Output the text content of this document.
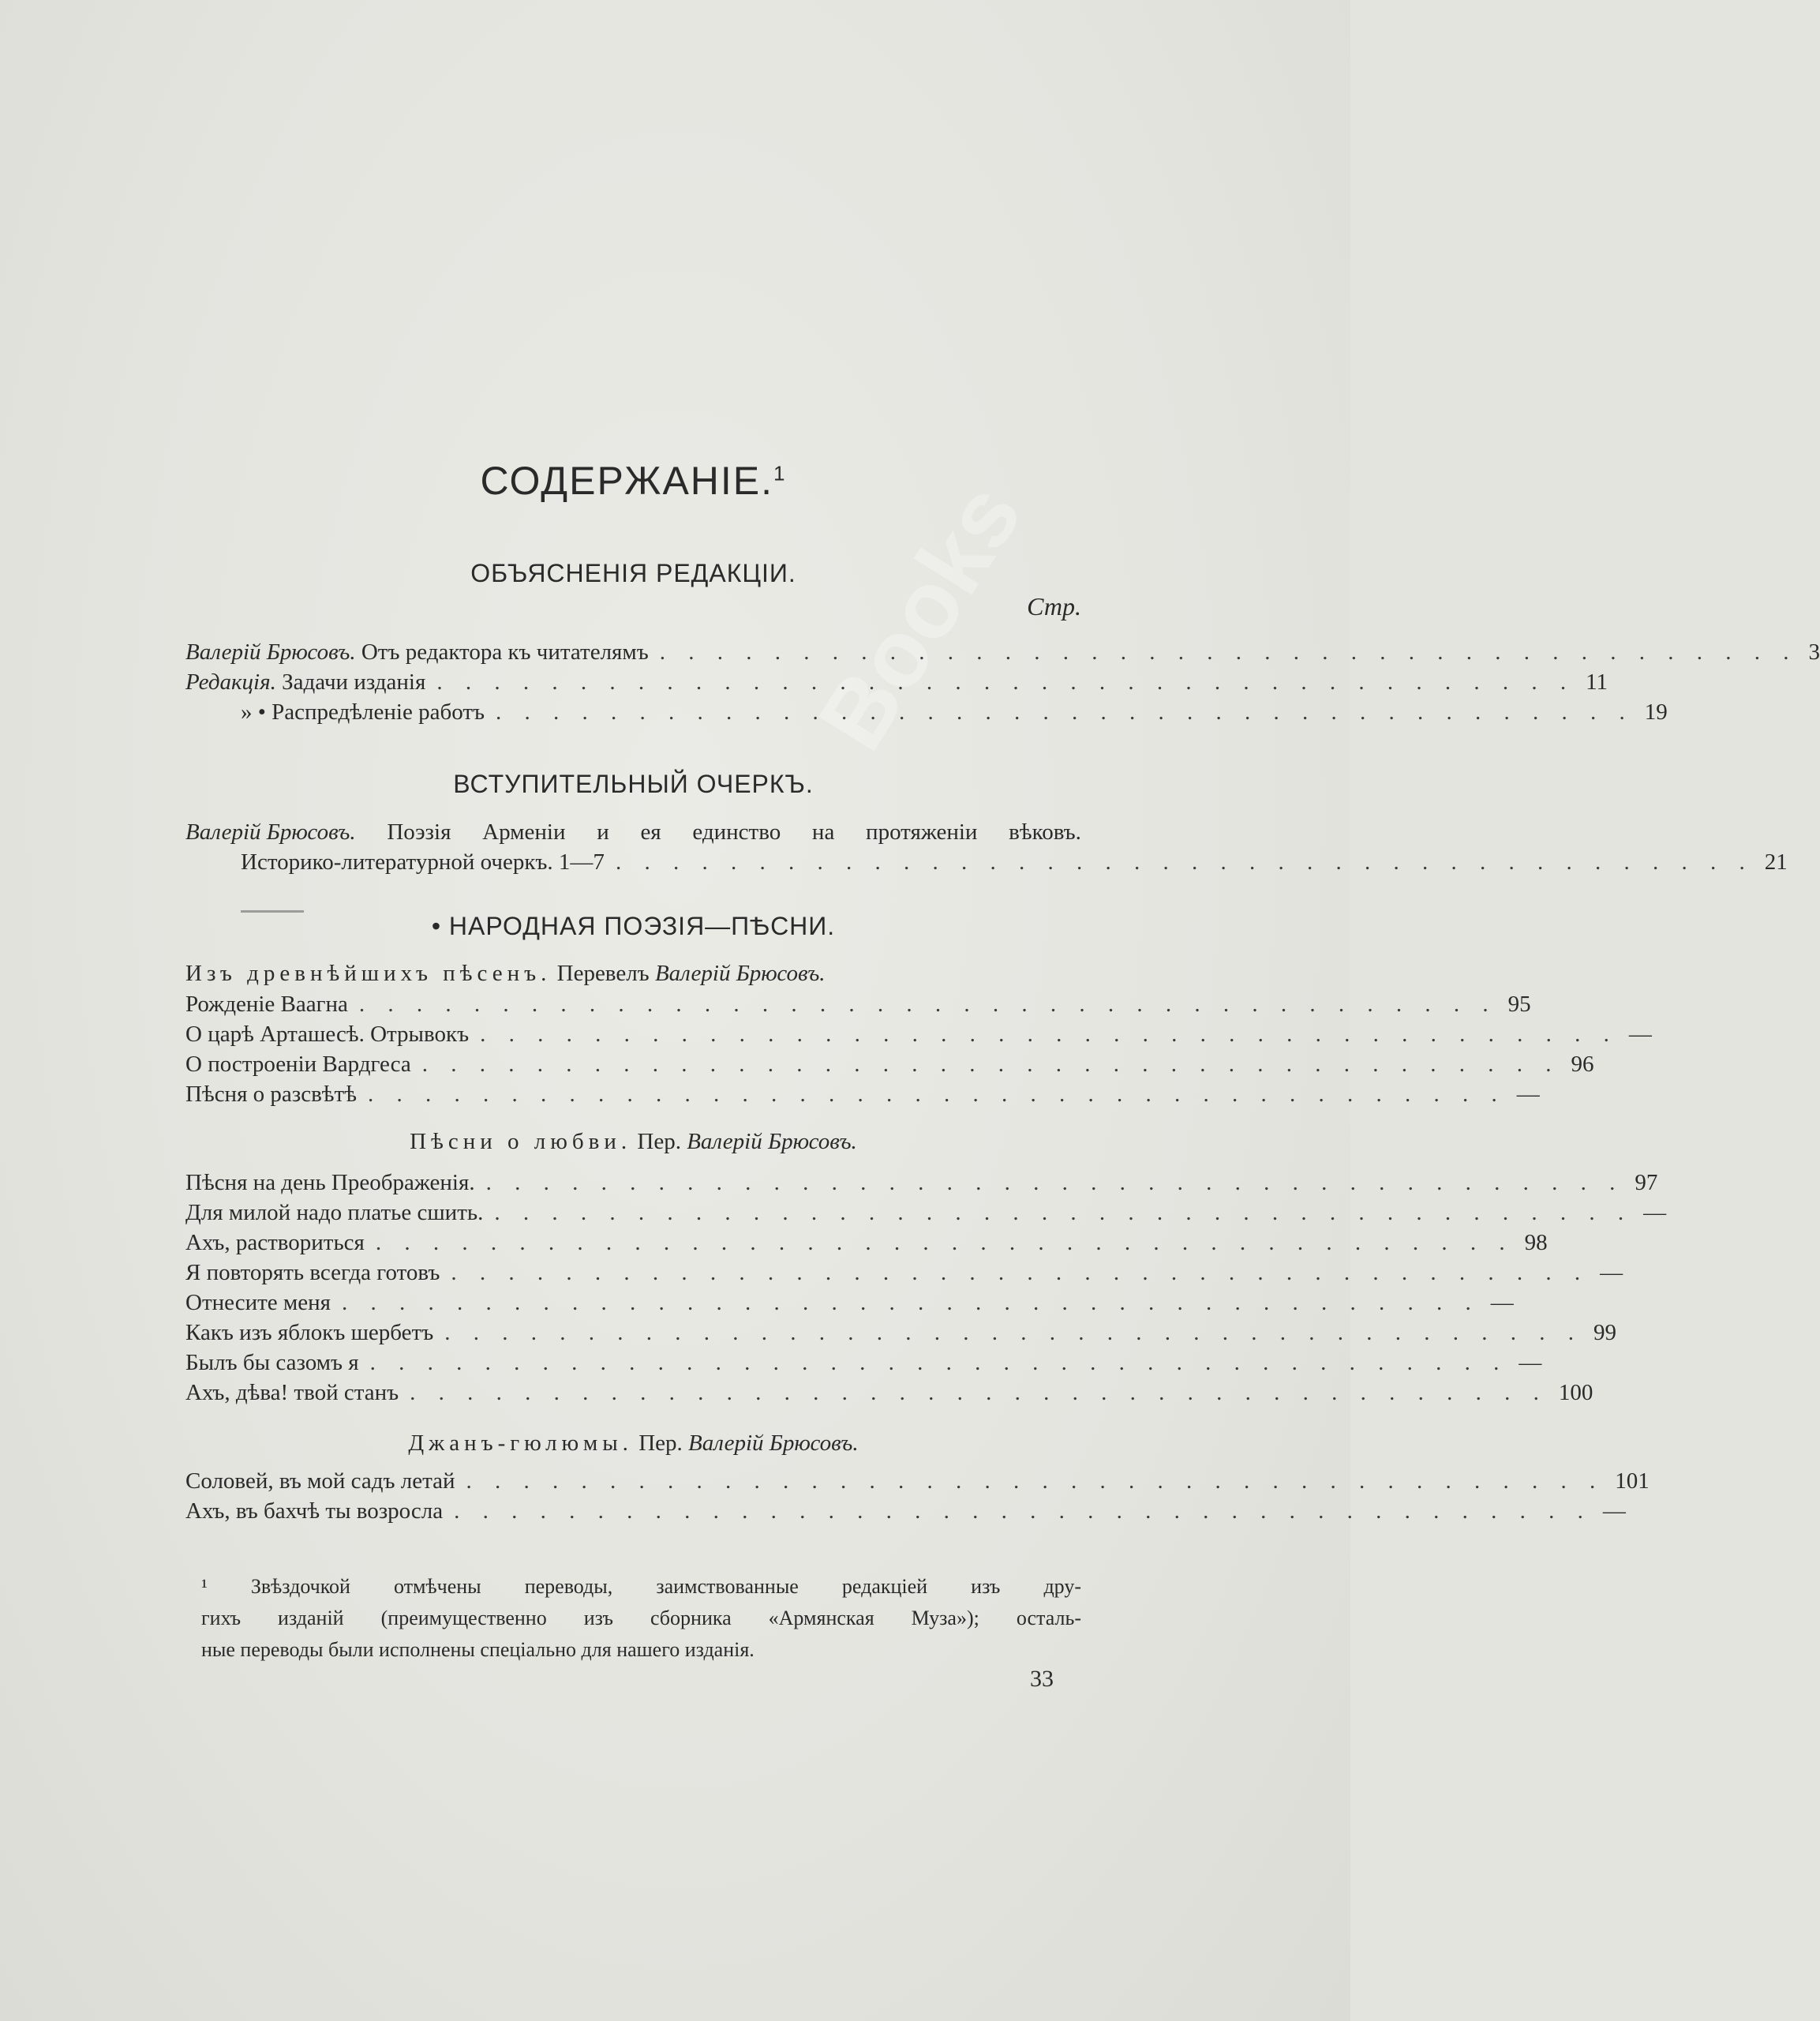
Books
СОДЕРЖАНIЕ.$^1$
ОБЪЯСНЕНIЯ РЕДАКЦIИ.
Стр.
Валерiй Брюсовъ. Отъ редактора къ читателямъ . . . . . . . . . . . . . . . . . . . . . . . . . . . . . . . . . . . . . . . . 3
Редакцiя. Задачи изданiя . . . . . . . . . . . . . . . . . . . . . . . . . . . . . . . . . . . . . . . . 11
» • Распредѣленiе работъ . . . . . . . . . . . . . . . . . . . . . . . . . . . . . . . . . . . . . . . . 19
ВСТУПИТЕЛЬНЫЙ ОЧЕРКЪ.
Валерiй Брюсовъ. Поэзiя Арменiи и ея единство на протяженiи вѣковъ.
Историко-литературной очеркъ. 1—7 . . . . . . . . . . . . . . . . . . . . . . . . . . . . . . . . . . . . . . . . 21
• НАРОДНАЯ ПОЭЗIЯ—ПѢСНИ.
Изъ древнѣйшихъ пѣсенъ. Перевелъ Валерiй Брюсовъ.
Рожденiе Ваагна . . . . . . . . . . . . . . . . . . . . . . . . . . . . . . . . . . . . . . . . 95
О царѣ Арташесѣ. Отрывокъ . . . . . . . . . . . . . . . . . . . . . . . . . . . . . . . . . . . . . . . . —
О построенiи Вардгеса . . . . . . . . . . . . . . . . . . . . . . . . . . . . . . . . . . . . . . . . 96
Пѣсня о разсвѣтѣ . . . . . . . . . . . . . . . . . . . . . . . . . . . . . . . . . . . . . . . . —
Пѣсни о любви. Пер. Валерiй Брюсовъ.
Пѣсня на день Преображенiя. . . . . . . . . . . . . . . . . . . . . . . . . . . . . . . . . . . . . . . . . 97
Для милой надо платье сшить. . . . . . . . . . . . . . . . . . . . . . . . . . . . . . . . . . . . . . . . . —
Ахъ, раствориться . . . . . . . . . . . . . . . . . . . . . . . . . . . . . . . . . . . . . . . . 98
Я повторять всегда готовъ . . . . . . . . . . . . . . . . . . . . . . . . . . . . . . . . . . . . . . . . —
Отнесите меня . . . . . . . . . . . . . . . . . . . . . . . . . . . . . . . . . . . . . . . . —
Какъ изъ яблокъ шербетъ . . . . . . . . . . . . . . . . . . . . . . . . . . . . . . . . . . . . . . . . 99
Былъ бы сазомъ я . . . . . . . . . . . . . . . . . . . . . . . . . . . . . . . . . . . . . . . . —
Ахъ, дѣва! твой станъ . . . . . . . . . . . . . . . . . . . . . . . . . . . . . . . . . . . . . . . . 100
Джанъ-гюлюмы. Пер. Валерiй Брюсовъ.
Соловей, въ мой садъ летай . . . . . . . . . . . . . . . . . . . . . . . . . . . . . . . . . . . . . . . . 101
Ахъ, въ бахчѣ ты возросла . . . . . . . . . . . . . . . . . . . . . . . . . . . . . . . . . . . . . . . . —
¹ Звѣздочкой отмѣчены переводы, заимствованные редакцiей изъ дру-
гихъ изданiй (преимущественно изъ сборника «Армянская Муза»); осталь-
ные переводы были исполнены спецiально для нашего изданiя.
33
